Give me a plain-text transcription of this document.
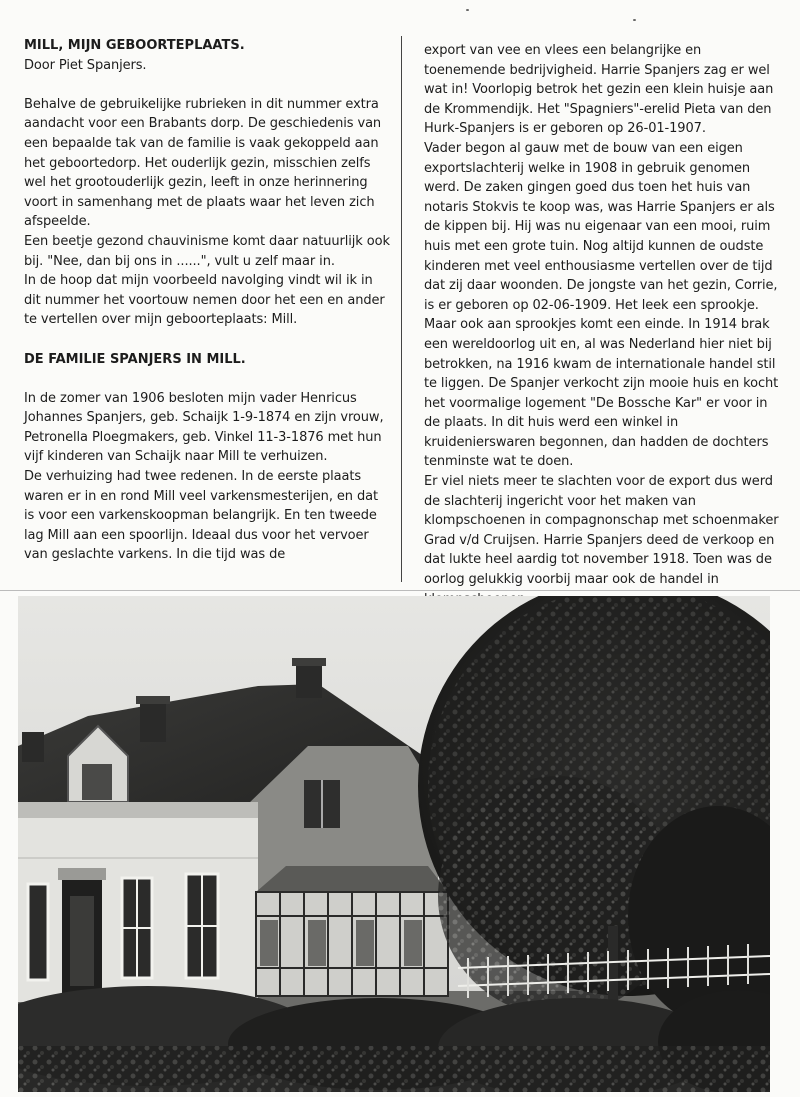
MILL, MIJN GEBOORTEPLAATS.

Door Piet Spanjers.

Behalve de gebruikelijke rubrieken in dit nummer extra aandacht voor een Brabants dorp. De geschiedenis van een bepaalde tak van de familie is vaak gekoppeld aan het geboortedorp. Het ouderlijk gezin, misschien zelfs wel het grootouderlijk gezin, leeft in onze herinnering voort in samenhang met de plaats waar het leven zich afspeelde.

Een beetje gezond chauvinisme komt daar natuurlijk ook bij. "Nee, dan bij ons in ......", vult u zelf maar in.

In de hoop dat mijn voorbeeld navolging vindt wil ik in dit nummer het voortouw nemen door het een en ander te vertellen over mijn geboorteplaats: Mill.

DE FAMILIE SPANJERS IN MILL.

In de zomer van 1906 besloten mijn vader Henricus Johannes Spanjers, geb. Schaijk 1-9-1874 en zijn vrouw, Petronella Ploegmakers, geb. Vinkel 11-3-1876 met hun vijf kinderen van Schaijk naar Mill te verhuizen.

De verhuizing had twee redenen. In de eerste plaats waren er in en rond Mill veel varkensmesterijen, en dat is voor een varkenskoopman belangrijk. En ten tweede lag Mill aan een spoorlijn. Ideaal dus voor het vervoer van geslachte varkens. In die tijd was de

export van vee en vlees een belangrijke en toenemende bedrijvigheid. Harrie Spanjers zag er wel wat in! Voorlopig betrok het gezin een klein huisje aan de Krommendijk. Het "Spagniers"-erelid Pieta van den Hurk-Spanjers is er geboren op 26-01-1907.

Vader begon al gauw met de bouw van een eigen exportslachterij welke in 1908 in gebruik genomen werd. De zaken gingen goed dus toen het huis van notaris Stokvis te koop was, was Harrie Spanjers er als de kippen bij. Hij was nu eigenaar van een mooi, ruim huis met een grote tuin. Nog altijd kunnen de oudste kinderen met veel enthousiasme vertellen over de tijd dat zij daar woonden. De jongste van het gezin, Corrie, is er geboren op 02-06-1909. Het leek een sprookje. Maar ook aan sprookjes komt een einde. In 1914 brak een wereldoorlog uit en, al was Nederland hier niet bij betrokken, na 1916 kwam de internationale handel stil te liggen. De Spanjer verkocht zijn mooie huis en kocht het voormalige logement "De Bossche Kar" er voor in de plaats. In dit huis werd een winkel in kruidenierswaren begonnen, dan hadden de dochters tenminste wat te doen.

Er viel niets meer te slachten voor de export dus werd de slachterij ingericht voor het maken van klompschoenen in compagnonschap met schoenmaker Grad v/d Cruijsen. Harrie Spanjers deed de verkoop en dat lukte heel aardig tot november 1918. Toen was de oorlog gelukkig voorbij maar ook de handel in
